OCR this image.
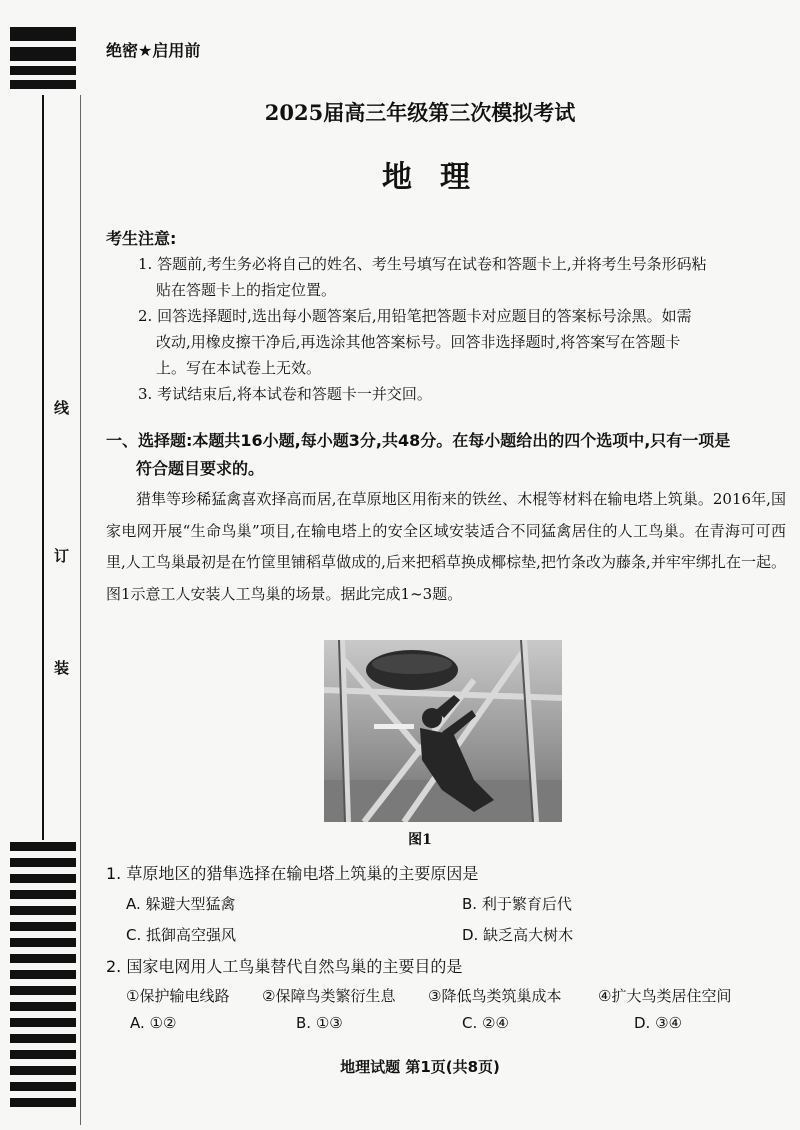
线
订
装
绝密★启用前
2025届高三年级第三次模拟考试
地理
考生注意:
1. 答题前,考生务必将自己的姓名、考生号填写在试卷和答题卡上,并将考生号条形码粘
贴在答题卡上的指定位置。
2. 回答选择题时,选出每小题答案后,用铅笔把答题卡对应题目的答案标号涂黑。如需
改动,用橡皮擦干净后,再选涂其他答案标号。回答非选择题时,将答案写在答题卡
上。写在本试卷上无效。
3. 考试结束后,将本试卷和答题卡一并交回。
一、选择题:本题共16小题,每小题3分,共48分。在每小题给出的四个选项中,只有一项是
符合题目要求的。
猎隼等珍稀猛禽喜欢择高而居,在草原地区用衔来的铁丝、木棍等材料在输电塔上筑巢。2016年,国家电网开展“生命鸟巢”项目,在输电塔上的安全区域安装适合不同猛禽居住的人工鸟巢。在青海可可西里,人工鸟巢最初是在竹筐里铺稻草做成的,后来把稻草换成椰棕垫,把竹条改为藤条,并牢牢绑扎在一起。图1示意工人安装人工鸟巢的场景。据此完成1~3题。
图1
1. 草原地区的猎隼选择在输电塔上筑巢的主要原因是
A. 躲避大型猛禽	B. 利于繁育后代
C. 抵御高空强风	D. 缺乏高大树木
2. 国家电网用人工鸟巢替代自然鸟巢的主要目的是
①保护输电线路 ②保障鸟类繁衍生息 ③降低鸟类筑巢成本 ④扩大鸟类居住空间
A. ①②	B. ①③	C. ②④	D. ③④
地理试题 第1页(共8页)
